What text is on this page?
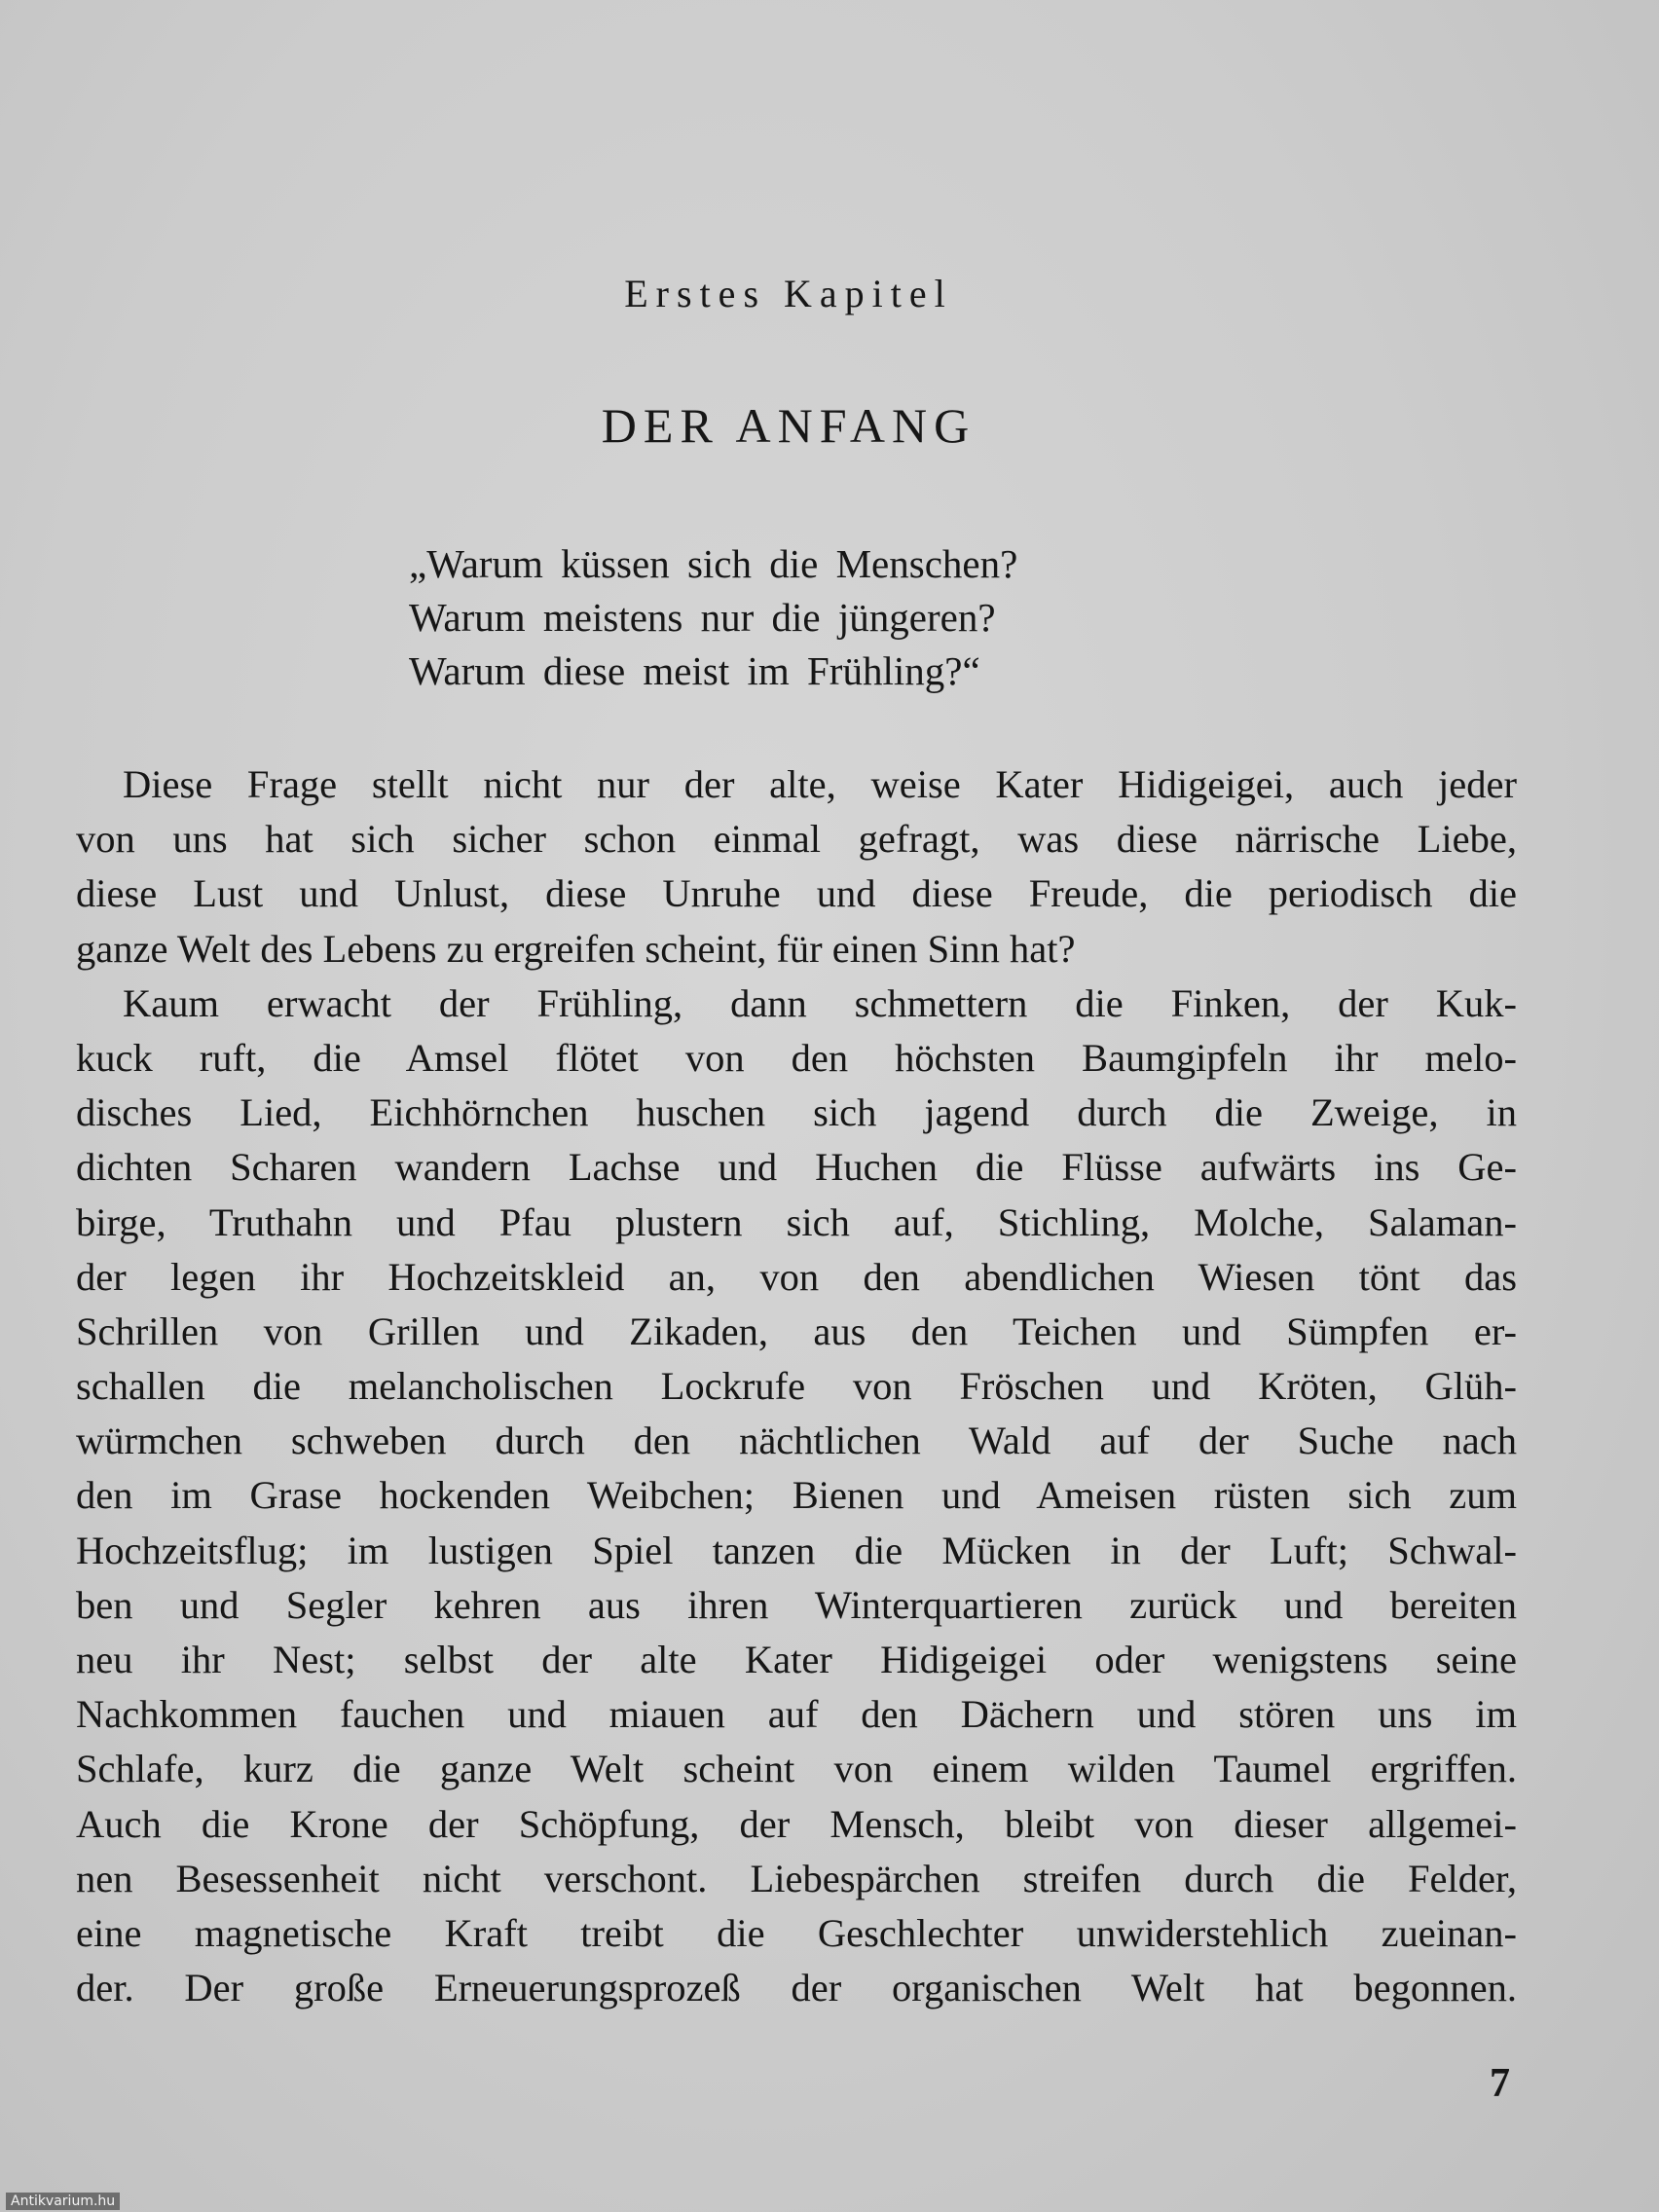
Erstes Kapitel
DER ANFANG
„Warum küssen sich die Menschen?
Warum meistens nur die jüngeren?
Warum diese meist im Frühling?“
Diese Frage stellt nicht nur der alte, weise Kater Hidigeigei, auch jeder
von uns hat sich sicher schon einmal gefragt, was diese närrische Liebe,
diese Lust und Unlust, diese Unruhe und diese Freude, die periodisch die
ganze Welt des Lebens zu ergreifen scheint, für einen Sinn hat?
Kaum erwacht der Frühling, dann schmettern die Finken, der Kuk-
kuck ruft, die Amsel flötet von den höchsten Baumgipfeln ihr melo-
disches Lied, Eichhörnchen huschen sich jagend durch die Zweige, in
dichten Scharen wandern Lachse und Huchen die Flüsse aufwärts ins Ge-
birge, Truthahn und Pfau plustern sich auf, Stichling, Molche, Salaman-
der legen ihr Hochzeitskleid an, von den abendlichen Wiesen tönt das
Schrillen von Grillen und Zikaden, aus den Teichen und Sümpfen er-
schallen die melancholischen Lockrufe von Fröschen und Kröten, Glüh-
würmchen schweben durch den nächtlichen Wald auf der Suche nach
den im Grase hockenden Weibchen; Bienen und Ameisen rüsten sich zum
Hochzeitsflug; im lustigen Spiel tanzen die Mücken in der Luft; Schwal-
ben und Segler kehren aus ihren Winterquartieren zurück und bereiten
neu ihr Nest; selbst der alte Kater Hidigeigei oder wenigstens seine
Nachkommen fauchen und miauen auf den Dächern und stören uns im
Schlafe, kurz die ganze Welt scheint von einem wilden Taumel ergriffen.
Auch die Krone der Schöpfung, der Mensch, bleibt von dieser allgemei-
nen Besessenheit nicht verschont. Liebespärchen streifen durch die Felder,
eine magnetische Kraft treibt die Geschlechter unwiderstehlich zueinan-
der. Der große Erneuerungsprozeß der organischen Welt hat begonnen.
7
Antikvarium.hu
